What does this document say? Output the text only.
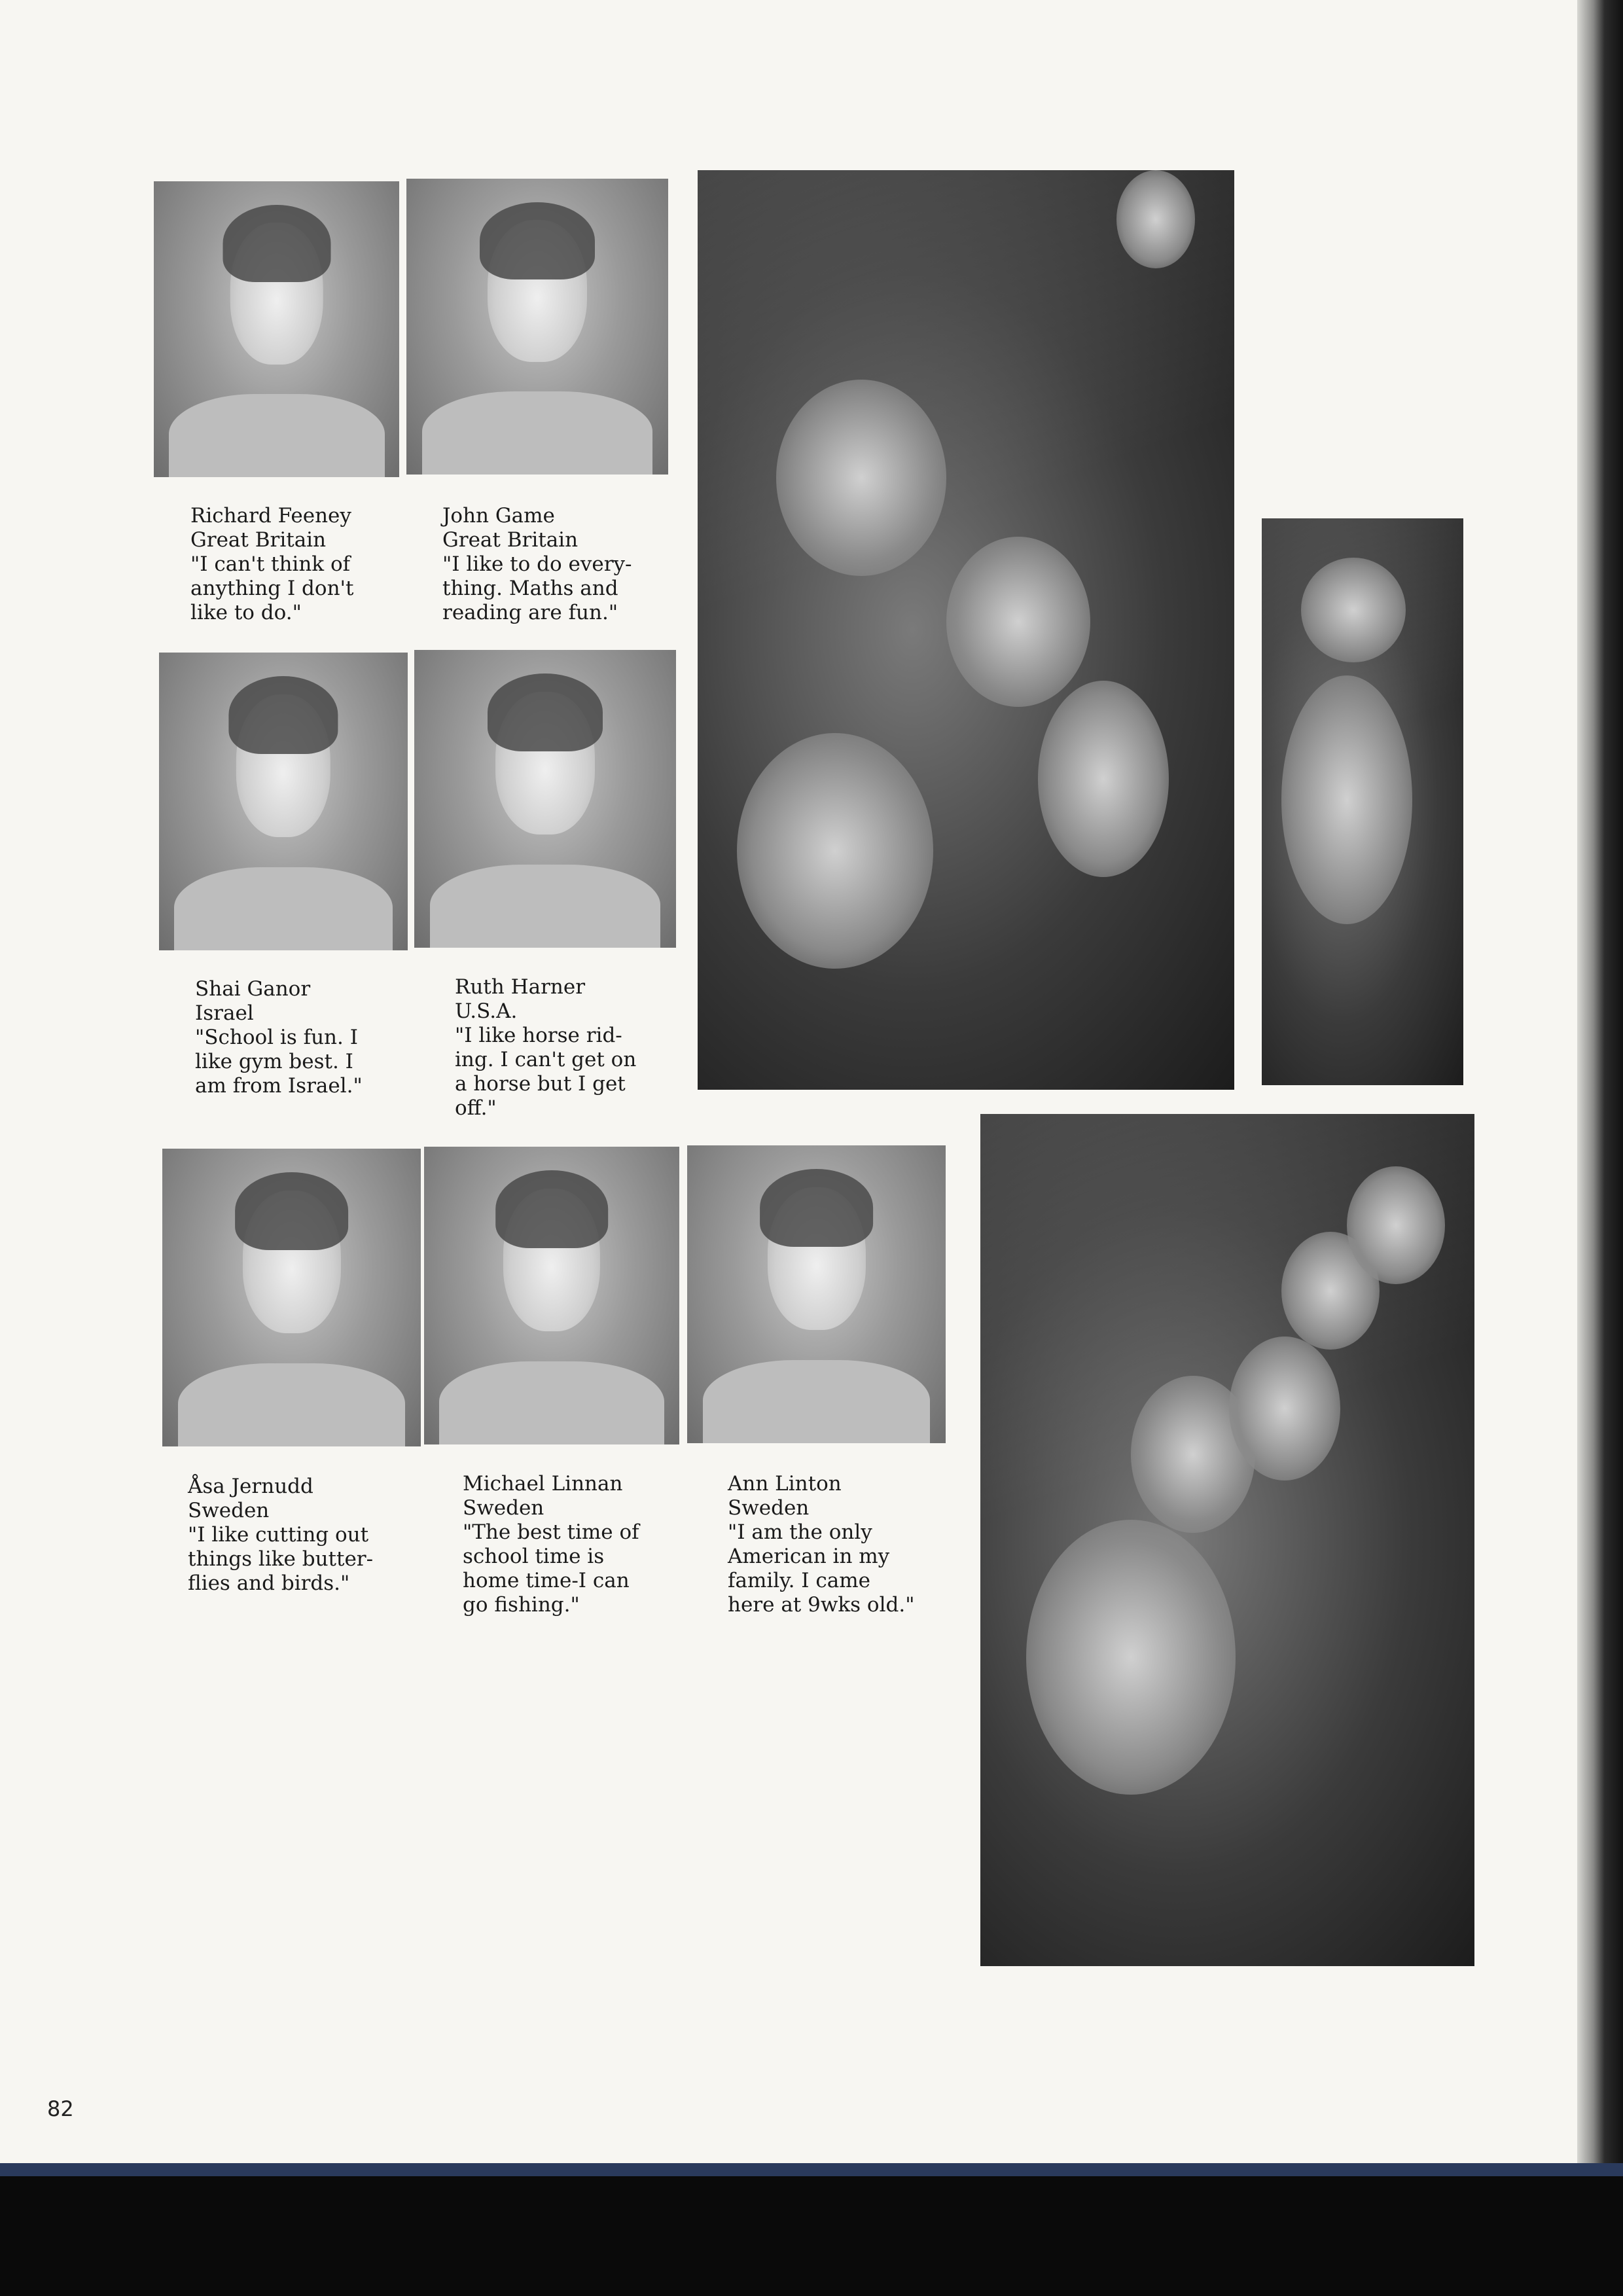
Richard Feeney
Great Britain
"I can't think of
anything I don't
like to do."
John Game
Great Britain
"I like to do every-
thing. Maths and
reading are fun."
Shai Ganor
Israel
"School is fun. I
like gym best. I
am from Israel."
Ruth Harner
U.S.A.
"I like horse rid-
ing. I can't get on
a horse but I get
off."
Åsa Jernudd
Sweden
"I like cutting out
things like butter-
flies and birds."
Michael Linnan
Sweden
"The best time of
school time is
home time-I can
go fishing."
Ann Linton
Sweden
"I am the only
American in my
family. I came
here at 9wks old."
82
